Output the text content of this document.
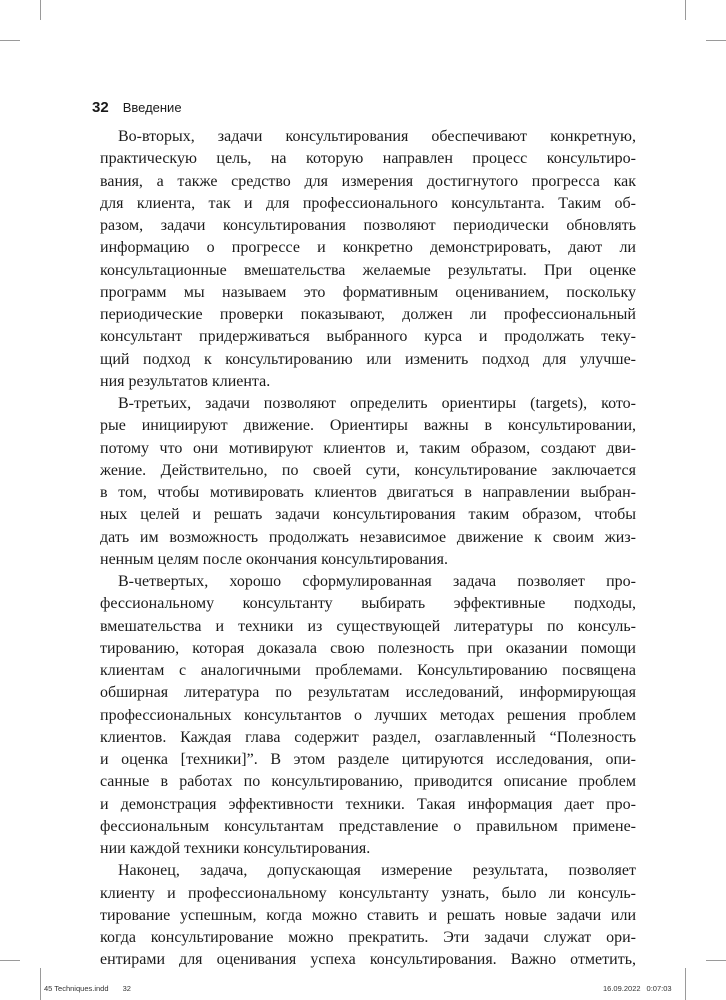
32 Введение
Во-вторых, задачи консультирования обеспечивают конкретную,
практическую цель, на которую направлен процесс консультиро-
вания, а также средство для измерения достигнутого прогресса как
для клиента, так и для профессионального консультанта. Таким об-
разом, задачи консультирования позволяют периодически обновлять
информацию о прогрессе и конкретно демонстрировать, дают ли
консультационные вмешательства желаемые результаты. При оценке
программ мы называем это формативным оцениванием, поскольку
периодические проверки показывают, должен ли профессиональный
консультант придерживаться выбранного курса и продолжать теку-
щий подход к консультированию или изменить подход для улучше-
ния результатов клиента.
В-третьих, задачи позволяют определить ориентиры (targets), кото-
рые инициируют движение. Ориентиры важны в консультировании,
потому что они мотивируют клиентов и, таким образом, создают дви-
жение. Действительно, по своей сути, консультирование заключается
в том, чтобы мотивировать клиентов двигаться в направлении выбран-
ных целей и решать задачи консультирования таким образом, чтобы
дать им возможность продолжать независимое движение к своим жиз-
ненным целям после окончания консультирования.
В-четвертых, хорошо сформулированная задача позволяет про-
фессиональному консультанту выбирать эффективные подходы,
вмешательства и техники из существующей литературы по консуль-
тированию, которая доказала свою полезность при оказании помощи
клиентам с аналогичными проблемами. Консультированию посвящена
обширная литература по результатам исследований, информирующая
профессиональных консультантов о лучших методах решения проблем
клиентов. Каждая глава содержит раздел, озаглавленный “Полезность
и оценка [техники]”. В этом разделе цитируются исследования, опи-
санные в работах по консультированию, приводится описание проблем
и демонстрация эффективности техники. Такая информация дает про-
фессиональным консультантам представление о правильном примене-
нии каждой техники консультирования.
Наконец, задача, допускающая измерение результата, позволяет
клиенту и профессиональному консультанту узнать, было ли консуль-
тирование успешным, когда можно ставить и решать новые задачи или
когда консультирование можно прекратить. Эти задачи служат ори-
ентирами для оценивания успеха консультирования. Важно отметить,
45 Techniques.indd 32	16.09.2022 0:07:03
